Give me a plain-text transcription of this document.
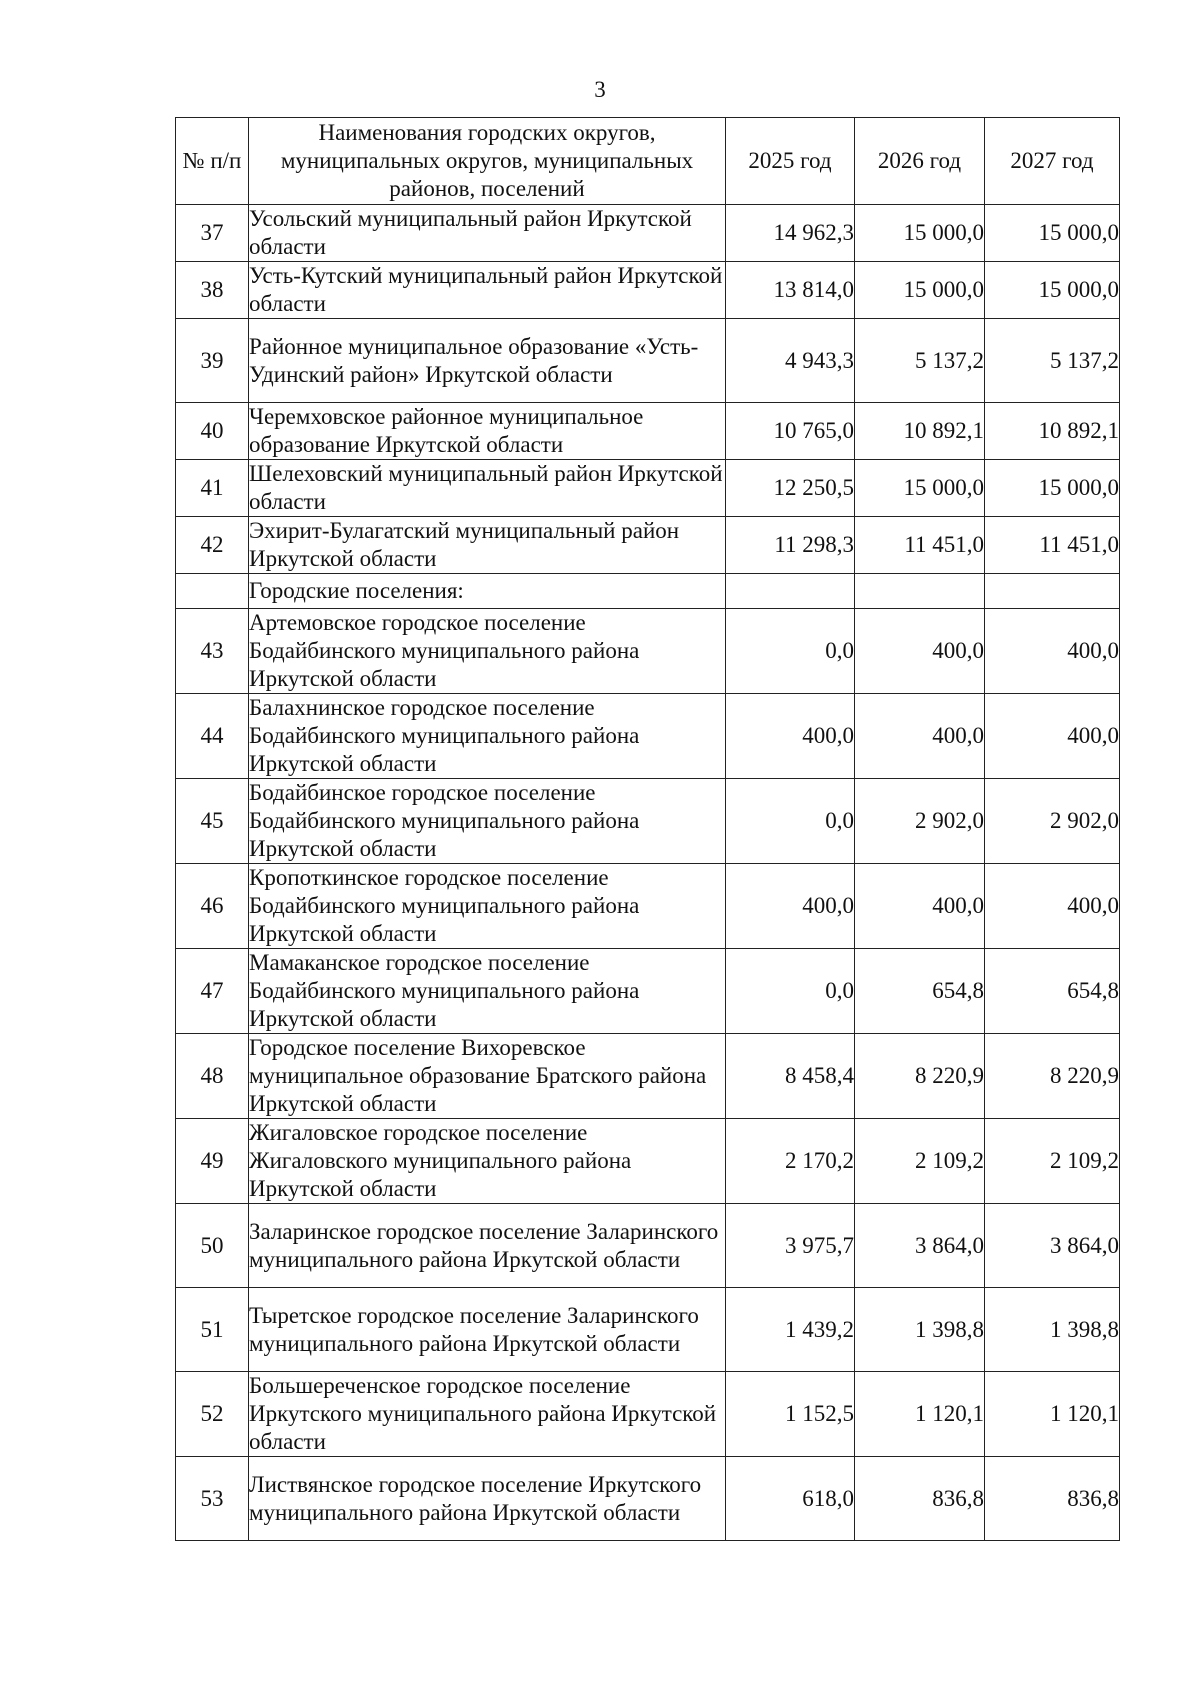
3
№ п/п	Наименования городских округов, муниципальных округов, муниципальных районов, поселений	2025 год	2026 год	2027 год
37	Усольский муниципальный район Иркутской области	14 962,3	15 000,0	15 000,0
38	Усть-Кутский муниципальный район Иркутской области	13 814,0	15 000,0	15 000,0
39	Районное муниципальное образование «Усть-Удинский район» Иркутской области	4 943,3	5 137,2	5 137,2
40	Черемховское районное муниципальное образование Иркутской области	10 765,0	10 892,1	10 892,1
41	Шелеховский муниципальный район Иркутской области	12 250,5	15 000,0	15 000,0
42	Эхирит-Булагатский муниципальный район Иркутской области	11 298,3	11 451,0	11 451,0
	Городские поселения:			
43	Артемовское городское поселение Бодайбинского муниципального района Иркутской области	0,0	400,0	400,0
44	Балахнинское городское поселение Бодайбинского муниципального района Иркутской области	400,0	400,0	400,0
45	Бодайбинское городское поселение Бодайбинского муниципального района Иркутской области	0,0	2 902,0	2 902,0
46	Кропоткинское городское поселение Бодайбинского муниципального района Иркутской области	400,0	400,0	400,0
47	Мамаканское городское поселение Бодайбинского муниципального района Иркутской области	0,0	654,8	654,8
48	Городское поселение Вихоревское муниципальное образование Братского района Иркутской области	8 458,4	8 220,9	8 220,9
49	Жигаловское городское поселение Жигаловского муниципального района Иркутской области	2 170,2	2 109,2	2 109,2
50	Заларинское городское поселение Заларинского муниципального района Иркутской области	3 975,7	3 864,0	3 864,0
51	Тыретское городское поселение Заларинского муниципального района Иркутской области	1 439,2	1 398,8	1 398,8
52	Большереченское городское поселение Иркутского муниципального района Иркутской области	1 152,5	1 120,1	1 120,1
53	Листвянское городское поселение Иркутского муниципального района Иркутской области	618,0	836,8	836,8
